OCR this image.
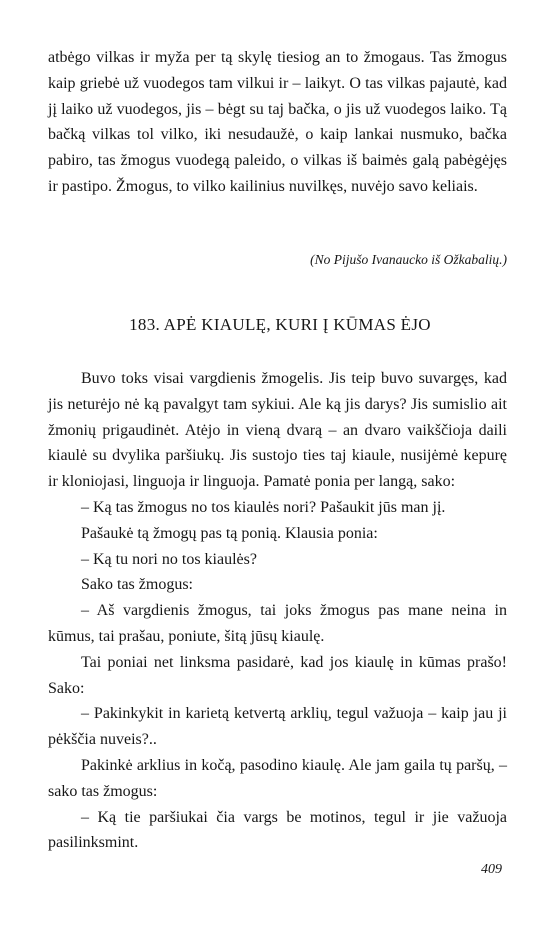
atbėgo vilkas ir myža per tą skylę tiesiog an to žmogaus. Tas žmogus kaip griebė už vuodegos tam vilkui ir – laikyt. O tas vilkas pajautė, kad jį laiko už vuodegos, jis – bėgt su taj bačka, o jis už vuodegos laiko. Tą bačką vilkas tol vilko, iki nesudaužė, o kaip lankai nusmuko, bačka pabiro, tas žmogus vuodegą paleido, o vilkas iš baimės galą pabėgėjęs ir pastipo. Žmogus, to vilko kailinius nuvilkęs, nuvėjo savo keliais.

(No Pijušo Ivanaucko iš Ožkabalių.)
183. APĖ KIAULĘ, KURI Į KŪMAS ĖJO

Buvo toks visai vargdienis žmogelis. Jis teip buvo suvargęs, kad jis neturėjo nė ką pavalgyt tam sykiui. Ale ką jis darys? Jis sumislio ait žmonių prigaudinėt. Atėjo in vieną dvarą – an dvaro vaikščioja daili kiaulė su dvylika paršiukų. Jis sustojo ties taj kiaule, nusijėmė kepurę ir kloniojasi, linguoja ir linguoja. Pamatė ponia per langą, sako:

– Ką tas žmogus no tos kiaulės nori? Pašaukit jūs man jį.

Pašaukė tą žmogų pas tą ponią. Klausia ponia:

– Ką tu nori no tos kiaulės?

Sako tas žmogus:

– Aš vargdienis žmogus, tai joks žmogus pas mane neina in kūmus, tai prašau, poniute, šitą jūsų kiaulę.

Tai poniai net linksma pasidarė, kad jos kiaulę in kūmas prašo! Sako:

– Pakinkykit in karietą ketvertą arklių, tegul važuoja – kaip jau ji pėkščia nuveis?..

Pakinkė arklius in kočą, pasodino kiaulę. Ale jam gaila tų paršų, – sako tas žmogus:

– Ką tie paršiukai čia vargs be motinos, tegul ir jie važuoja pasilinksmint.

409
